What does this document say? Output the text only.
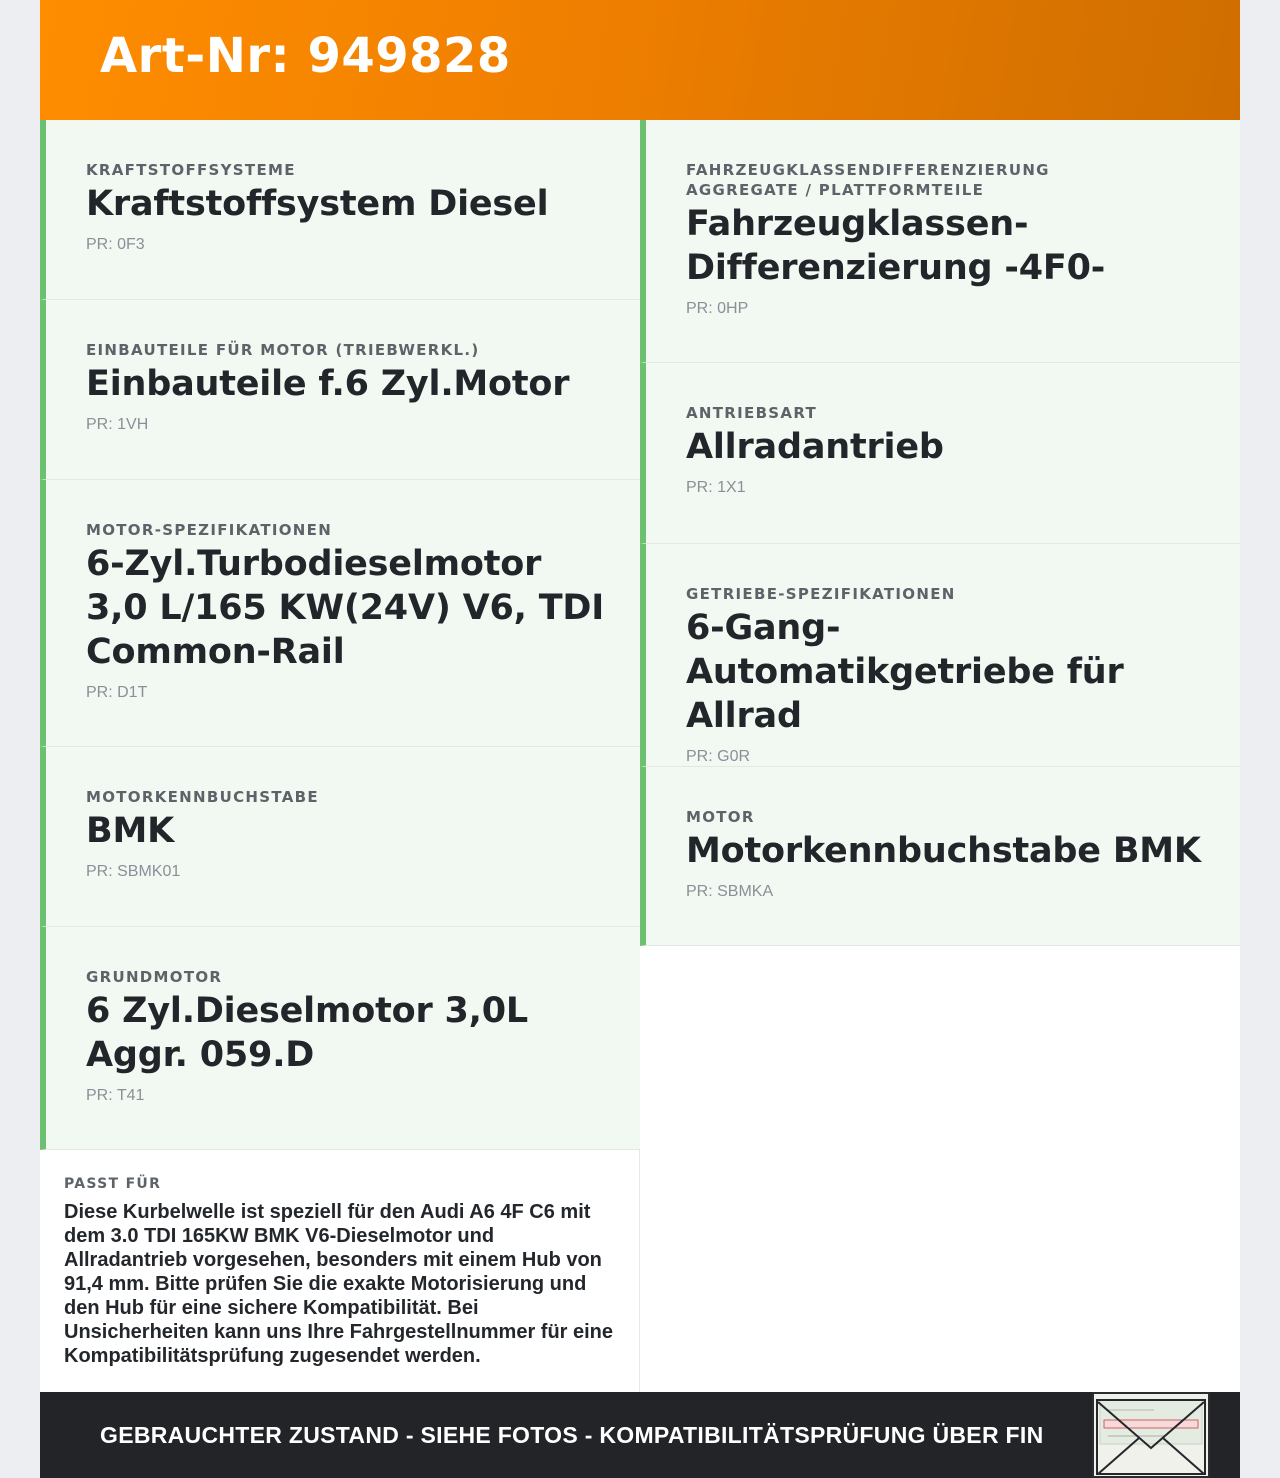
Art-Nr: 949828
KRAFTSTOFFSYSTEME
Kraftstoffsystem Diesel
PR: 0F3
EINBAUTEILE FÜR MOTOR (TRIEBWERKL.)
Einbauteile f.6 Zyl.Motor
PR: 1VH
MOTOR-SPEZIFIKATIONEN
6-Zyl.Turbodieselmotor 3,0 L/165 KW(24V) V6, TDI Common-Rail
PR: D1T
MOTORKENNBUCHSTABE
BMK
PR: SBMK01
GRUNDMOTOR
6 Zyl.Dieselmotor 3,0L Aggr. 059.D
PR: T41
FAHRZEUGKLASSENDIFFERENZIERUNG AGGREGATE / PLATTFORMTEILE
Fahrzeugklassen-Differenzierung -4F0-
PR: 0HP
ANTRIEBSART
Allradantrieb
PR: 1X1
GETRIEBE-SPEZIFIKATIONEN
6-Gang-Automatikgetriebe für Allrad
PR: G0R
MOTOR
Motorkennbuchstabe BMK
PR: SBMKA
PASST FÜR
Diese Kurbelwelle ist speziell für den Audi A6 4F C6 mit dem 3.0 TDI 165KW BMK V6-Dieselmotor und Allradantrieb vorgesehen, besonders mit einem Hub von 91,4 mm. Bitte prüfen Sie die exakte Motorisierung und den Hub für eine sichere Kompatibilität. Bei Unsicherheiten kann uns Ihre Fahrgestellnummer für eine Kompatibilitätsprüfung zugesendet werden.
GEBRAUCHTER ZUSTAND - SIEHE FOTOS - KOMPATIBILITÄTSPRÜFUNG ÜBER FIN
